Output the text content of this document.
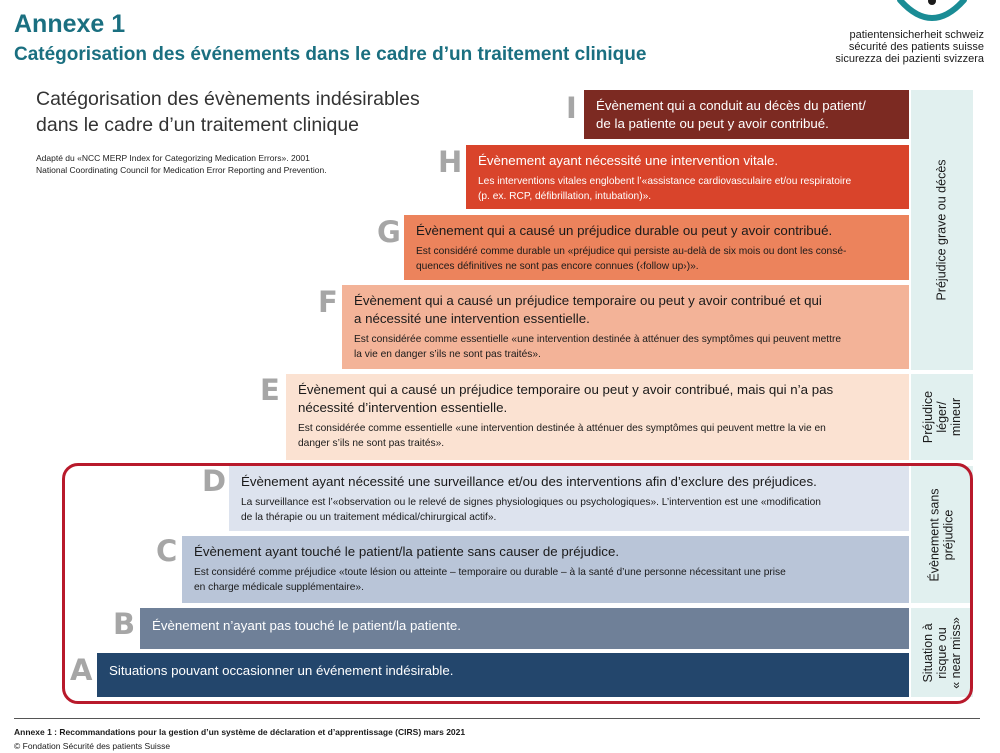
Annexe 1
Catégorisation des événements dans le cadre d’un traitement clinique
patientensicherheit schweiz
sécurité des patients suisse
sicurezza dei pazienti svizzera
Catégorisation des évènements indésirables
dans le cadre d’un traitement clinique
Adapté du «NCC MERP Index for Categorizing Medication Errors». 2001
National Coordinating Council for Medication Error Reporting and Prevention.
I Évènement qui a conduit au décès du patient/
de la patiente ou peut y avoir contribué.

H Évènement ayant nécessité une intervention vitale.

Les interventions vitales englobent l’«assistance cardiovasculaire et/ou respiratoire
(p. ex. RCP, défibrillation, intubation)».

G Évènement qui a causé un préjudice durable ou peut y avoir contribué.

Est considéré comme durable un «préjudice qui persiste au-delà de six mois ou dont les consé-
quences définitives ne sont pas encore connues (‹follow up›)».

F Évènement qui a causé un préjudice temporaire ou peut y avoir contribué et qui
a nécessité une intervention essentielle.

Est considérée comme essentielle «une intervention destinée à atténuer des symptômes qui peuvent mettre
la vie en danger s’ils ne sont pas traités».

E Évènement qui a causé un préjudice temporaire ou peut y avoir contribué, mais qui n’a pas
nécessité d’intervention essentielle.

Est considérée comme essentielle «une intervention destinée à atténuer des symptômes qui peuvent mettre la vie en
danger s’ils ne sont pas traités».

D Évènement ayant nécessité une surveillance et/ou des interventions afin d’exclure des préjudices.

La surveillance est l’«observation ou le relevé de signes physiologiques ou psychologiques». L’intervention est une «modification
de la thérapie ou un traitement médical/chirurgical actif».

C Évènement ayant touché le patient/la patiente sans causer de préjudice.

Est considéré comme préjudice «toute lésion ou atteinte – temporaire ou durable – à la santé d’une personne nécessitant une prise
en charge médicale supplémentaire».

B Évènement n’ayant pas touché le patient/la patiente.

A Situations pouvant occasionner un événement indésirable.

Préjudice grave ou décès
Préjudice léger/ mineur
Évènement sans préjudice
Situation à risque ou « near miss»
Annexe 1 : Recommandations pour la gestion d’un système de déclaration et d’apprentissage (CIRS) mars 2021
© Fondation Sécurité des patients Suisse
